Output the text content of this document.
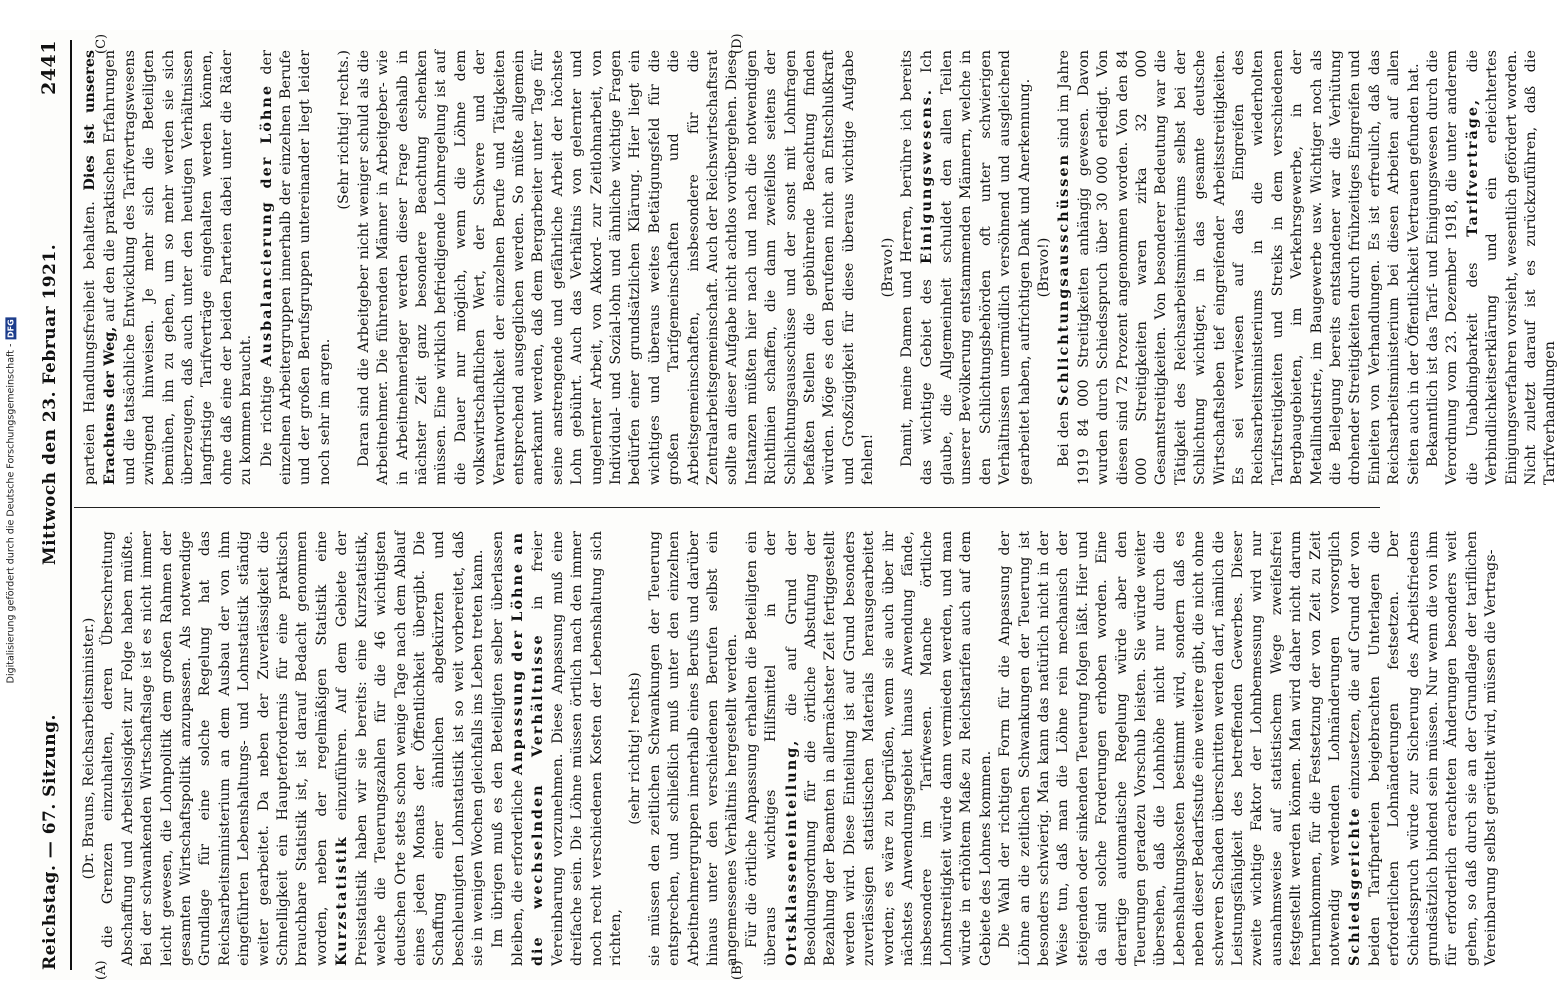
Digitalisierung gefördert durch die Deutsche Forschungsgemeinschaft -
DFG
Reichstag. — 67. Sitzung.
Mittwoch den 23. Februar 1921.
2441
(A)	(B)
(C)	(D)

(Dr. Brauns, Reichsarbeitsminister.) die Grenzen einzuhalten, deren Überschreitung Abschaffung und Arbeitslosigkeit zur Folge haben müßte. Bei der schwankenden Wirtschaftslage ist es nicht immer leicht gewesen, die Lohnpolitik dem großen Rahmen der gesamten Wirtschaftspolitik anzupassen. Als notwendige Grundlage für eine solche Regelung hat das Reichsarbeitsministerium an dem Ausbau der von ihm eingeführten Lebenshaltungs- und Lohnstatistik ständig weiter gearbeitet. Da neben der Zuverlässigkeit die Schnelligkeit ein Haupterfordernis für eine praktisch brauchbare Statistik ist, ist darauf Bedacht genommen worden, neben der regelmäßigen Statistik eine Kurzstatistik einzuführen. Auf dem Gebiete der Preisstatistik haben wir sie bereits: eine Kurzstatistik, welche die Teuerungszahlen für die 46 wichtigsten deutschen Orte stets schon wenige Tage nach dem Ablauf eines jeden Monats der Öffentlichkeit übergibt. Die Schaffung einer ähnlichen abgekürzten und beschleunigten Lohnstatistik ist so weit vorbereitet, daß sie in wenigen Wochen gleichfalls ins Leben treten kann. Im übrigen muß es den Beteiligten selber überlassen bleiben, die erforderliche Anpassung der Löhne an die wechselnden Verhältnisse in freier Vereinbarung vorzunehmen. Diese Anpassung muß eine dreifache sein. Die Löhne müssen örtlich nach den immer noch recht verschiedenen Kosten der Lebenshaltung sich richten,

(sehr richtig! rechts) sie müssen den zeitlichen Schwankungen der Teuerung entsprechen, und schließlich muß unter den einzelnen Arbeitnehmergruppen innerhalb eines Berufs und darüber hinaus unter den verschiedenen Berufen selbst ein angemessenes Verhältnis hergestellt werden. Für die örtliche Anpassung erhalten die Beteiligten ein überaus wichtiges Hilfsmittel in der Ortsklasseneinteilung, die auf Grund der Besoldungsordnung für die örtliche Abstufung der Bezahlung der Beamten in allernächster Zeit fertiggestellt werden wird. Diese Einteilung ist auf Grund besonders zuverlässigen statistischen Materials herausgearbeitet worden; es wäre zu begrüßen, wenn sie auch über ihr nächstes Anwendungsgebiet hinaus Anwendung fände, insbesondere im Tarifwesen. Manche örtliche Lohnstreitigkeit würde dann vermieden werden, und man würde in erhöhtem Maße zu Reichstarifen auch auf dem Gebiete des Lohnes kommen. Die Wahl der richtigen Form für die Anpassung der Löhne an die zeitlichen Schwankungen der Teuerung ist besonders schwierig. Man kann das natürlich nicht in der Weise tun, daß man die Löhne rein mechanisch der steigenden oder sinkenden Teuerung folgen läßt. Hier und da sind solche Forderungen erhoben worden. Eine derartige automatische Regelung würde aber den Teuerungen geradezu Vorschub leisten. Sie würde weiter übersehen, daß die Lohnhöhe nicht nur durch die Lebenshaltungskosten bestimmt wird, sondern daß es neben dieser Bedarfsstufe eine weitere gibt, die nicht ohne schweren Schaden überschritten werden darf, nämlich die Leistungsfähigkeit des betreffenden Gewerbes. Dieser zweite wichtige Faktor der Lohnbemessung wird nur ausnahmsweise auf statistischem Wege zweifelsfrei festgestellt werden können. Man wird daher nicht darum herumkommen, für die Festsetzung der von Zeit zu Zeit notwendig werdenden Lohnänderungen vorsorglich Schiedsgerichte einzusetzen, die auf Grund der von beiden Tarifparteien beigebrachten Unterlagen die erforderlichen Lohnänderungen festsetzen. Der Schiedsspruch würde zur Sicherung des Arbeitsfriedens grundsätzlich bindend sein müssen. Nur wenn die von ihm für erforderlich erachteten Änderungen besonders weit gehen, so daß durch sie an der Grundlage der tariflichen Vereinbarung selbst gerüttelt wird, müssen die Vertrags-

parteien Handlungsfreiheit behalten. Dies ist unseres Erachtens der Weg, auf den die praktischen Erfahrungen und die tatsächliche Entwicklung des Tarifvertragswesens zwingend hinweisen. Je mehr sich die Beteiligten bemühen, ihn zu gehen, um so mehr werden sie sich überzeugen, daß auch unter den heutigen Verhältnissen langfristige Tarifverträge eingehalten werden können, ohne daß eine der beiden Parteien dabei unter die Räder zu kommen braucht. Die richtige Ausbalancierung der Löhne der einzelnen Arbeitergruppen innerhalb der einzelnen Berufe und der großen Berufsgruppen untereinander liegt leider noch sehr im argen.

(Sehr richtig! rechts.) Daran sind die Arbeitgeber nicht weniger schuld als die Arbeitnehmer. Die führenden Männer in Arbeitgeber- wie in Arbeitnehmerlager werden dieser Frage deshalb in nächster Zeit ganz besondere Beachtung schenken müssen. Eine wirklich befriedigende Lohnregelung ist auf die Dauer nur möglich, wenn die Löhne dem volkswirtschaftlichen Wert, der Schwere und der Verantwortlichkeit der einzelnen Berufe und Tätigkeiten entsprechend ausgeglichen werden. So müßte allgemein anerkannt werden, daß dem Bergarbeiter unter Tage für seine anstrengende und gefährliche Arbeit der höchste Lohn gebührt. Auch das Verhältnis von gelernter und ungelernter Arbeit, von Akkord- zur Zeitlohnarbeit, von Individual- und Sozial-lohn und ähnliche wichtige Fragen bedürfen einer grundsätzlichen Klärung. Hier liegt ein wichtiges und überaus weites Betätigungsfeld für die großen Tarifgemeinschaften und die Arbeitsgemeinschaften, insbesondere für die Zentralarbeitsgemeinschaft. Auch der Reichswirtschaftsrat sollte an dieser Aufgabe nicht achtlos vorübergehen. Diese Instanzen müßten hier nach und nach die notwendigen Richtlinien schaffen, die dann zweifellos seitens der Schlichtungsausschüsse und der sonst mit Lohnfragen befaßten Stellen die gebührende Beachtung finden würden. Möge es den Berufenen nicht an Entschlußkraft und Großzügigkeit für diese überaus wichtige Aufgabe fehlen!

(Bravo!) Damit, meine Damen und Herren, berühre ich bereits das wichtige Gebiet des Einigungswesens. Ich glaube, die Allgemeinheit schuldet den allen Teilen unserer Bevölkerung entstammenden Männern, welche in den Schlichtungsbehörden oft unter schwierigen Verhältnissen unermüdlich versöhnend und ausgleichend gearbeitet haben, aufrichtigen Dank und Anerkennung. (Bravo!)

Bei den Schlichtungsausschüssen sind im Jahre 1919 84 000 Streitigkeiten anhängig gewesen. Davon wurden durch Schiedsspruch über 30 000 erledigt. Von diesen sind 72 Prozent angenommen worden. Von den 84 000 Streitigkeiten waren zirka 32 000 Gesamtstreitigkeiten. Von besonderer Bedeutung war die Tätigkeit des Reichsarbeitsministeriums selbst bei der Schlichtung wichtiger, in das gesamte deutsche Wirtschaftsleben tief eingreifender Arbeitsstreitigkeiten. Es sei verwiesen auf das Eingreifen des Reichsarbeitsministeriums in die wiederholten Tarifstreitigkeiten und Streiks in dem verschiedenen Bergbaugebieten, im Verkehrsgewerbe, in der Metallindustrie, im Baugewerbe usw. Wichtiger noch als die Beilegung bereits entstandener war die Verhütung drohender Streitigkeiten durch frühzeitiges Eingreifen und Einleiten von Verhandlungen. Es ist erfreulich, daß das Reichsarbeitsministerium bei diesen Arbeiten auf allen Seiten auch in der Öffentlichkeit Vertrauen gefunden hat. Bekanntlich ist das Tarif- und Einigungswesen durch die Verordnung vom 23. Dezember 1918, die unter anderem die Unabdingbarkeit des Tarifverträge, die Verbindlichkeitserklärung und ein erleichtertes Einigungsverfahren vorsieht, wesentlich gefördert worden. Nicht zuletzt darauf ist es zurückzuführen, daß die Tarifverhandlungen
